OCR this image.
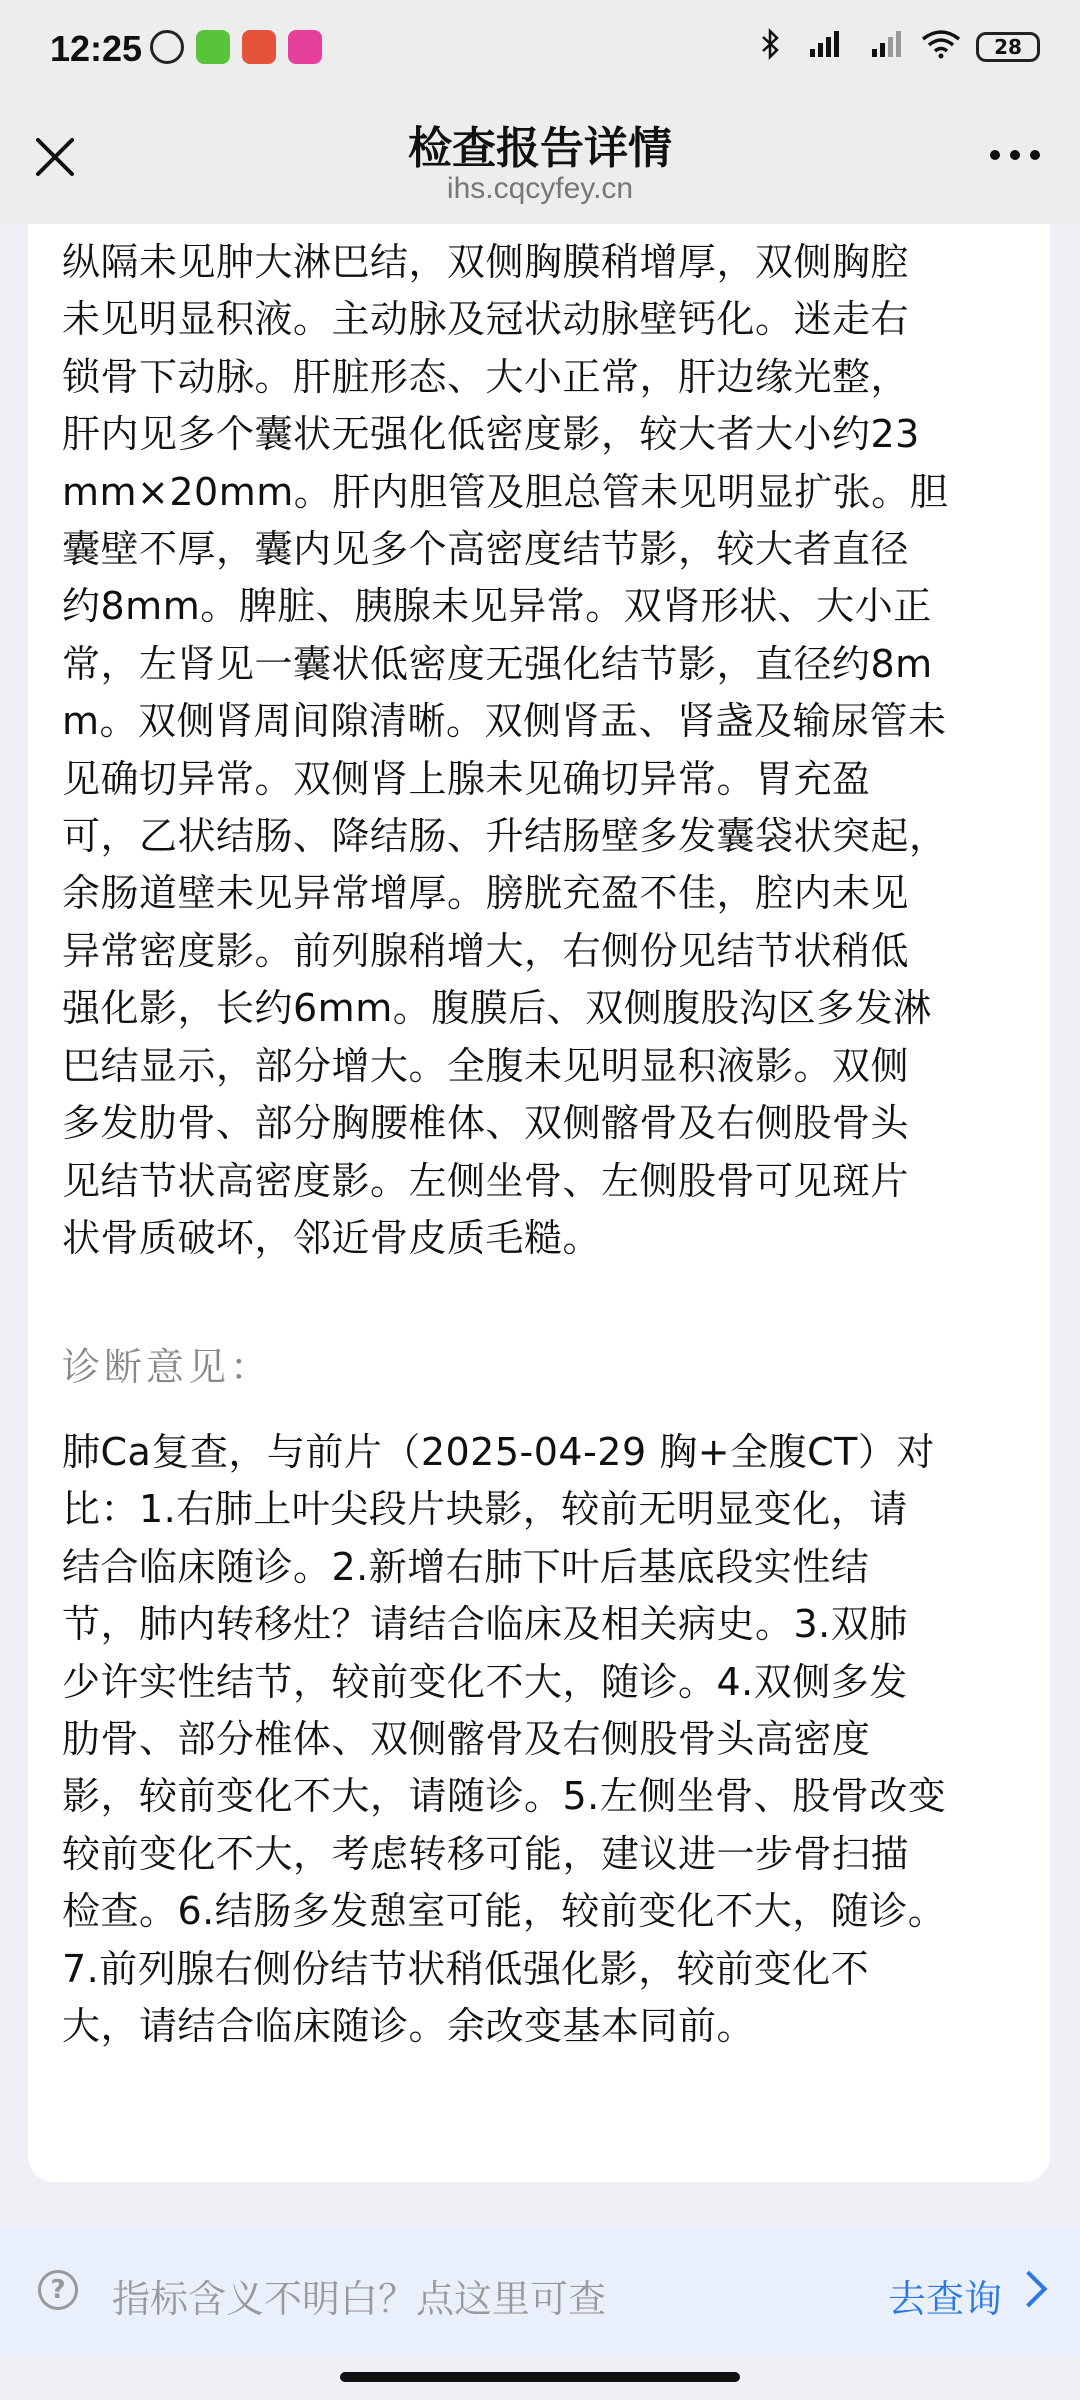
12:25	28
检查报告详情
ihs.cqcyfey.cn
纵隔未见肿大淋巴结，双侧胸膜稍增厚，双侧胸腔
未见明显积液。主动脉及冠状动脉壁钙化。迷走右
锁骨下动脉。肝脏形态、大小正常，肝边缘光整，
肝内见多个囊状无强化低密度影，较大者大小约23
mm×20mm。肝内胆管及胆总管未见明显扩张。胆
囊壁不厚，囊内见多个高密度结节影，较大者直径
约8mm。脾脏、胰腺未见异常。双肾形状、大小正
常，左肾见一囊状低密度无强化结节影，直径约8m
m。双侧肾周间隙清晰。双侧肾盂、肾盏及输尿管未
见确切异常。双侧肾上腺未见确切异常。胃充盈
可，乙状结肠、降结肠、升结肠壁多发囊袋状突起，
余肠道壁未见异常增厚。膀胱充盈不佳，腔内未见
异常密度影。前列腺稍增大，右侧份见结节状稍低
强化影，长约6mm。腹膜后、双侧腹股沟区多发淋
巴结显示，部分增大。全腹未见明显积液影。双侧
多发肋骨、部分胸腰椎体、双侧髂骨及右侧股骨头
见结节状高密度影。左侧坐骨、左侧股骨可见斑片
状骨质破坏，邻近骨皮质毛糙。
诊断意见：
肺Ca复查，与前片（2025-04-29 胸+全腹CT）对
比：1.右肺上叶尖段片块影，较前无明显变化，请
结合临床随诊。2.新增右肺下叶后基底段实性结
节，肺内转移灶？请结合临床及相关病史。3.双肺
少许实性结节，较前变化不大，随诊。4.双侧多发
肋骨、部分椎体、双侧髂骨及右侧股骨头高密度
影，较前变化不大，请随诊。5.左侧坐骨、股骨改变
较前变化不大，考虑转移可能，建议进一步骨扫描
检查。6.结肠多发憩室可能，较前变化不大，随诊。
7.前列腺右侧份结节状稍低强化影，较前变化不
大，请结合临床随诊。余改变基本同前。
?	指标含义不明白？点这里可查	去查询
